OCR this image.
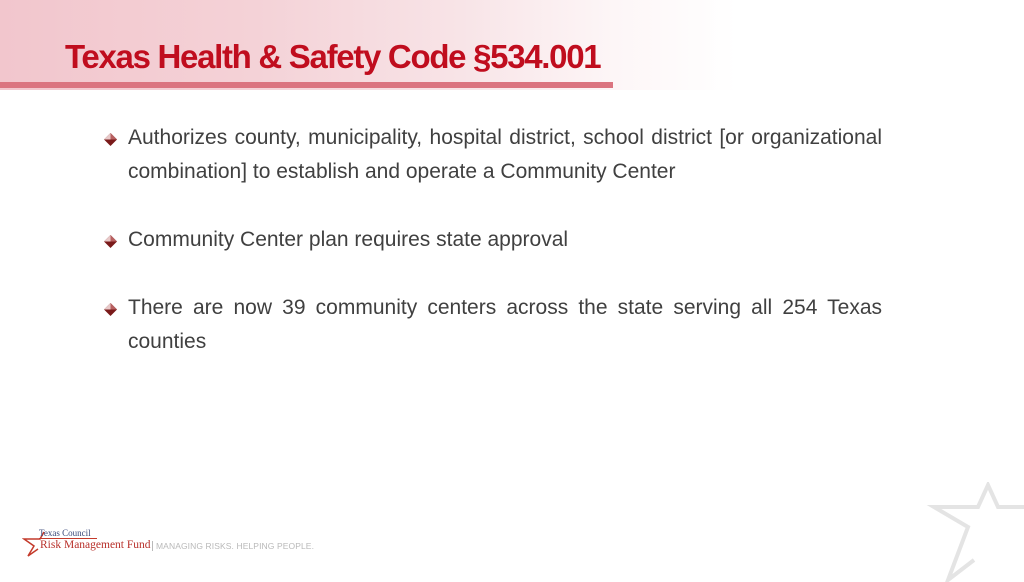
Texas Health & Safety Code §534.001
Authorizes county, municipality, hospital district, school district [or organizational combination] to establish and operate a Community Center
Community Center plan requires state approval
There are now 39 community centers across the state serving all 254 Texas counties
Texas Council
Risk Management Fund MANAGING RISKS. HELPING PEOPLE.
